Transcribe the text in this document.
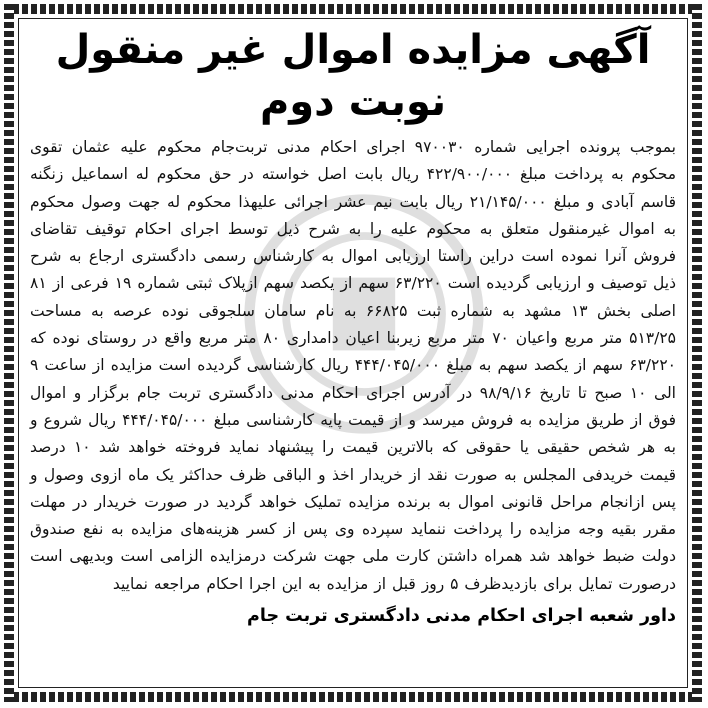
آگهی مزایده اموال غیر منقول نوبت دوم

بموجب پرونده اجرایی شماره ۹۷۰۰۳۰ اجرای احکام مدنی تربت‌جام محکوم علیه عثمان تقوی محکوم به پرداخت مبلغ ۴۲۲/۹۰۰/۰۰۰ ریال بابت اصل خواسته در حق محکوم له اسماعیل زنگنه قاسم آبادی و مبلغ ۲۱/۱۴۵/۰۰۰ ریال بابت نیم عشر اجرائی علیهذا محکوم له جهت وصول محکوم به اموال غیرمنقول متعلق به محکوم علیه را به شرح ذیل توسط اجرای احکام توقیف تقاضای فروش آنرا نموده است دراین راستا ارزیابی اموال به کارشناس رسمی دادگستری ارجاع به شرح ذیل توصیف و ارزیابی گردیده است ۶۳/۲۲۰ سهم از یکصد سهم ازپلاک ثبتی شماره ۱۹ فرعی از ۸۱ اصلی بخش ۱۳ مشهد به شماره ثبت ۶۶۸۲۵ به نام سامان سلجوقی نوده عرصه به مساحت ۵۱۳/۲۵ متر مربع واعیان ۷۰ متر مربع زیربنا اعیان دامداری ۸۰ متر مربع واقع در روستای نوده که ۶۳/۲۲۰ سهم از یکصد سهم به مبلغ ۴۴۴/۰۴۵/۰۰۰ ریال کارشناسی گردیده است مزایده از ساعت ۹ الی ۱۰ صبح تا تاریخ ۹۸/۹/۱۶ در آدرس اجرای احکام مدنی دادگستری تربت جام برگزار و اموال فوق از طریق مزایده به فروش میرسد و از قیمت پایه کارشناسی مبلغ ۴۴۴/۰۴۵/۰۰۰ ریال شروع و به هر شخص حقیقی یا حقوقی که بالاترین قیمت را پیشنهاد نماید فروخته خواهد شد ۱۰ درصد قیمت خریدفی المجلس به صورت نقد از خریدار اخذ و الباقی ظرف حداکثر یک ماه ازوی وصول و پس ازانجام مراحل قانونی اموال به برنده مزایده تملیک خواهد گردید در صورت خریدار در مهلت مقرر بقیه وجه مزایده را پرداخت ننماید سپرده وی پس از کسر هزینه‌های مزایده به نفع صندوق دولت ضبط خواهد شد همراه داشتن کارت ملی جهت شرکت درمزایده الزامی است وبدیهی است درصورت تمایل برای بازدیدظرف ۵ روز قبل از مزایده به این اجرا احکام مراجعه نمایید

داور شعبه اجرای احکام مدنی دادگستری تربت جام
